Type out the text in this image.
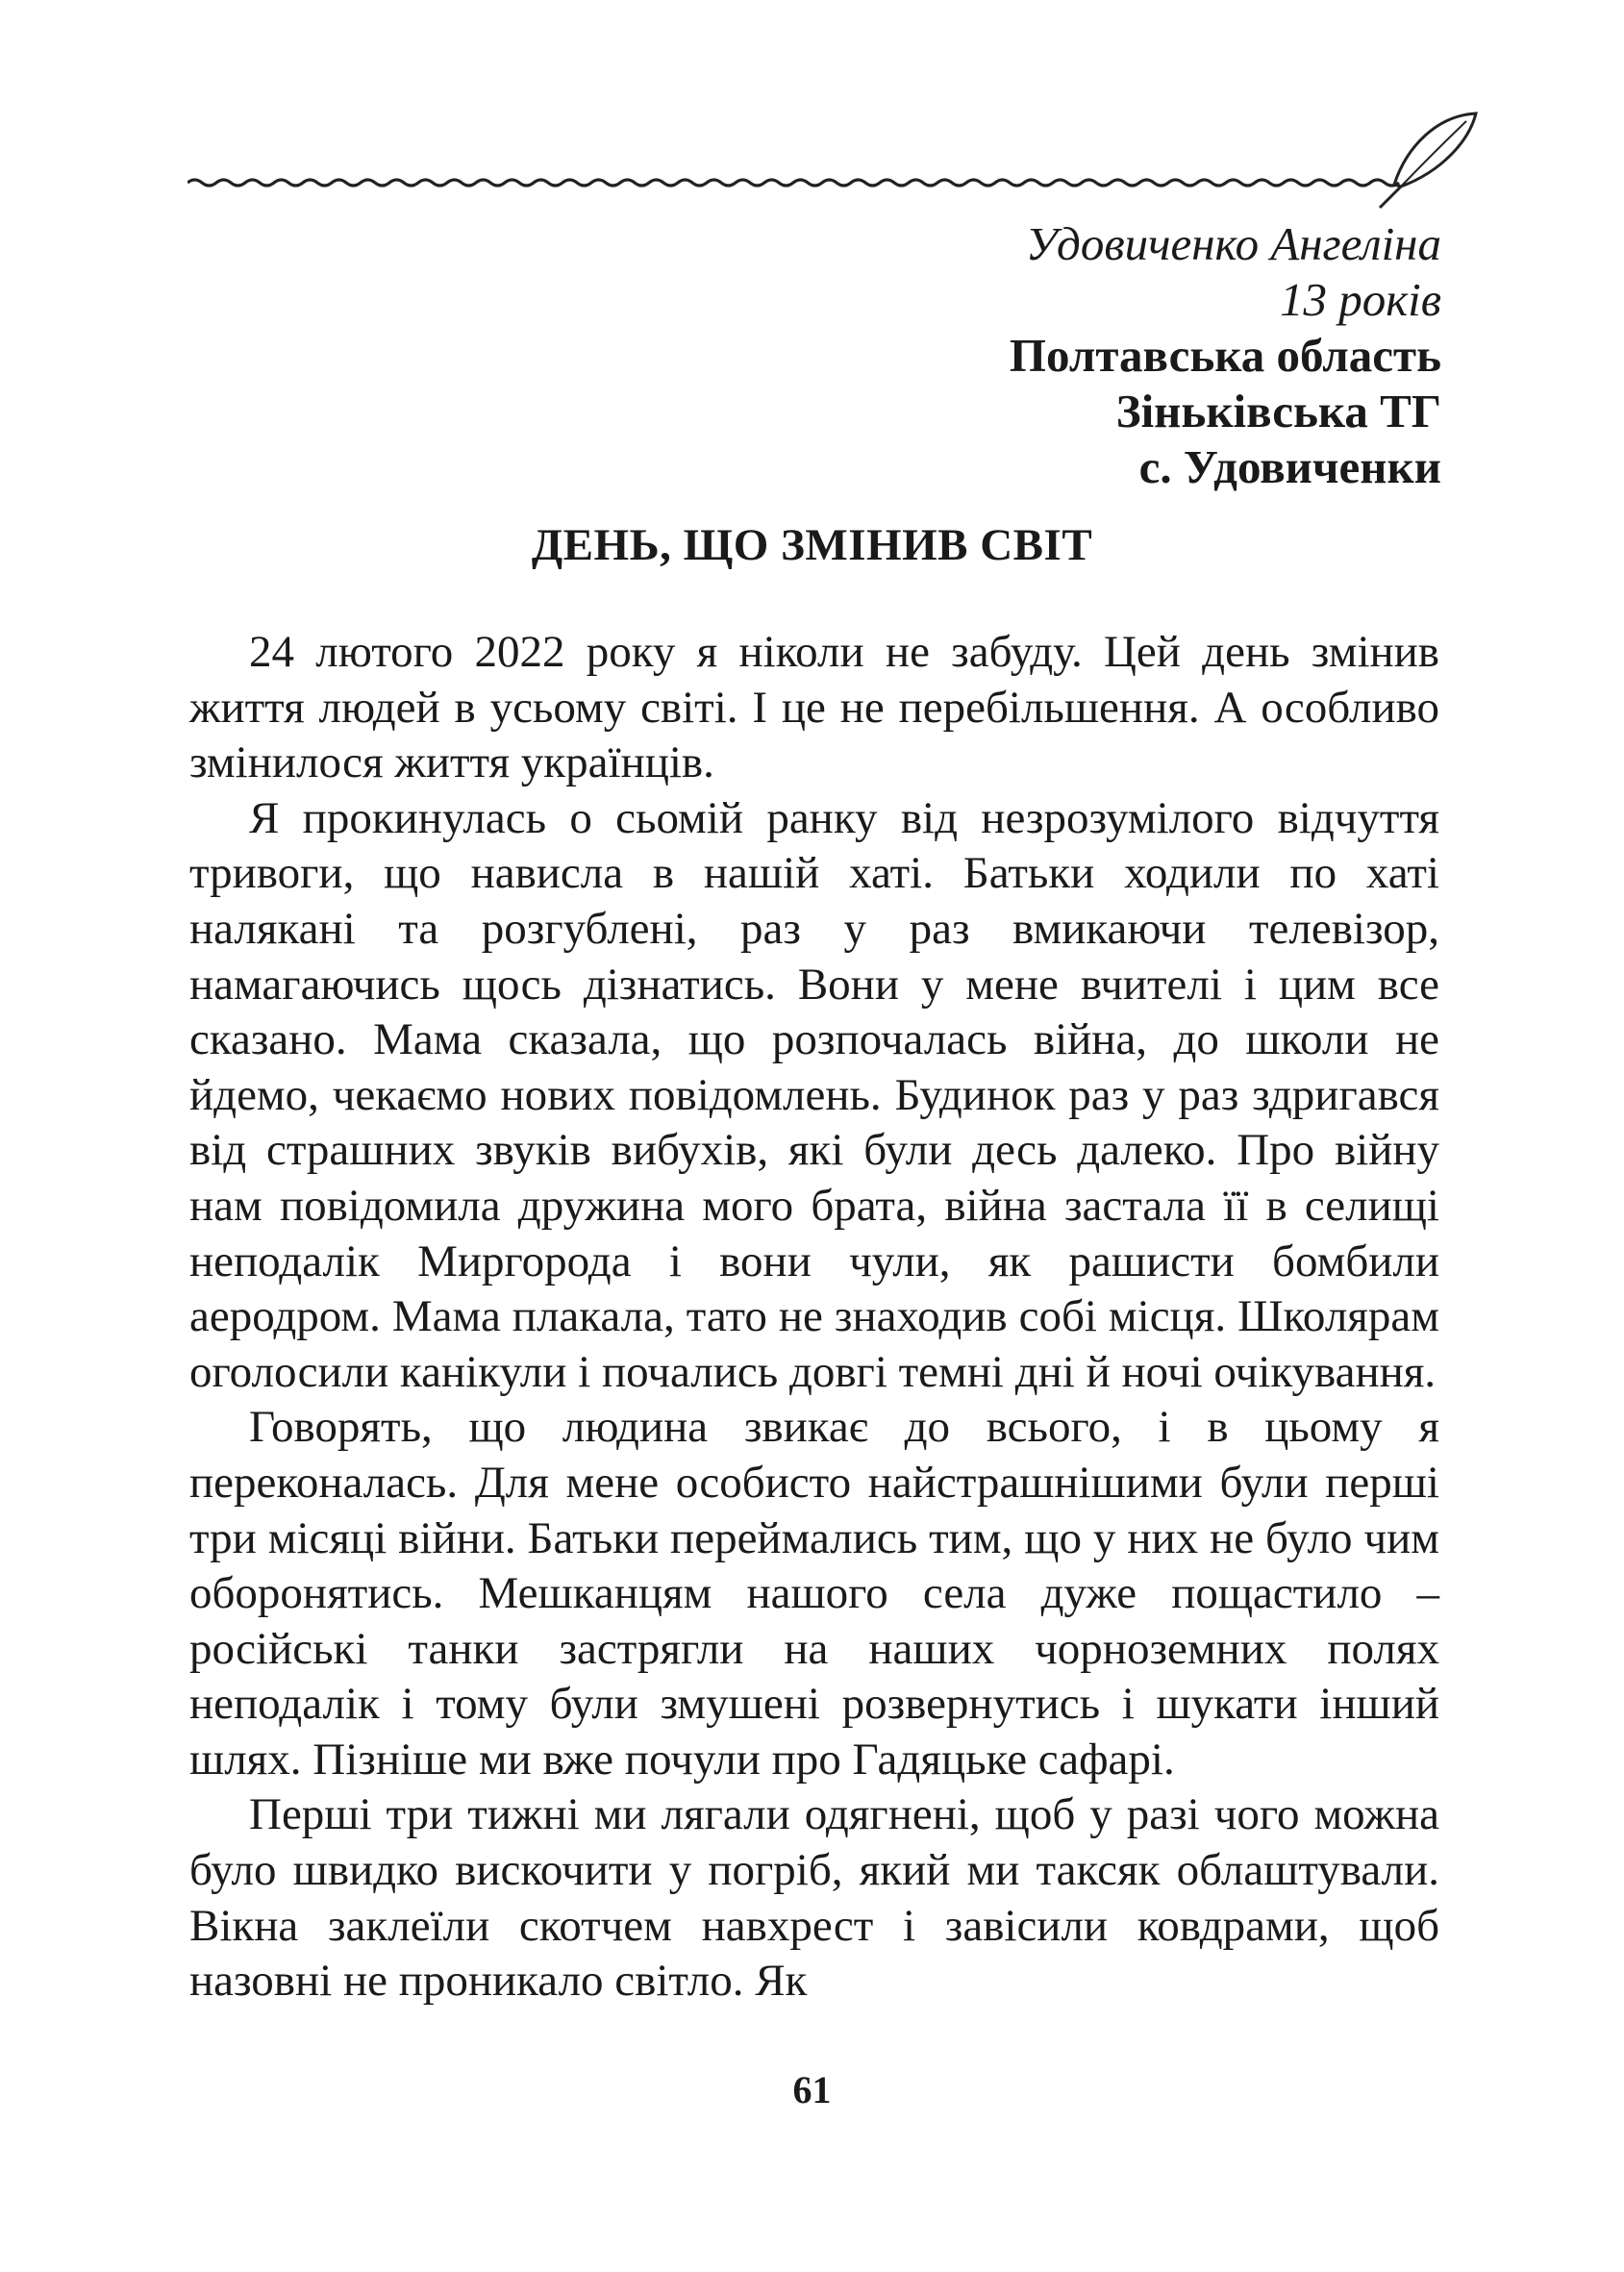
Удовиченко Ангеліна
13 років
Полтавська область
Зіньківська ТГ
с. Удовиченки
ДЕНЬ, ЩО ЗМІНИВ СВІТ

24 лютого 2022 року я ніколи не забуду. Цей день змінив життя людей в усьому світі. І це не перебільшення. А особливо змінилося життя українців.

Я прокинулась о сьомій ранку від незрозумілого відчуття тривоги, що нависла в нашій хаті. Батьки ходили по хаті налякані та розгублені, раз у раз вмикаючи телевізор, намагаючись щось дізнатись. Вони у мене вчителі і цим все сказано. Мама сказала, що розпочалась війна, до школи не йдемо, чекаємо нових повідомлень. Будинок раз у раз здригався від страшних звуків вибухів, які були десь далеко. Про війну нам повідомила дружина мого брата, війна застала її в селищі неподалік Миргорода і вони чули, як рашисти бомбили аеродром. Мама плакала, тато не знаходив собі місця. Школярам оголосили канікули і почались довгі темні дні й ночі очікування.

Говорять, що людина звикає до всього, і в цьому я переконалась. Для мене особисто найстрашнішими були перші три місяці війни. Батьки переймались тим, що у них не було чим оборонятись. Мешканцям нашого села дуже пощастило – російські танки застрягли на наших чорноземних полях неподалік і тому були змушені розвернутись і шукати інший шлях. Пізніше ми вже почули про Гадяцьке сафарі.

Перші три тижні ми лягали одягнені, щоб у разі чого можна було швидко вискочити у погріб, який ми таксяк облаштували. Вікна заклеїли скотчем навхрест і завісили ковдрами, щоб назовні не проникало світло. Як

61
